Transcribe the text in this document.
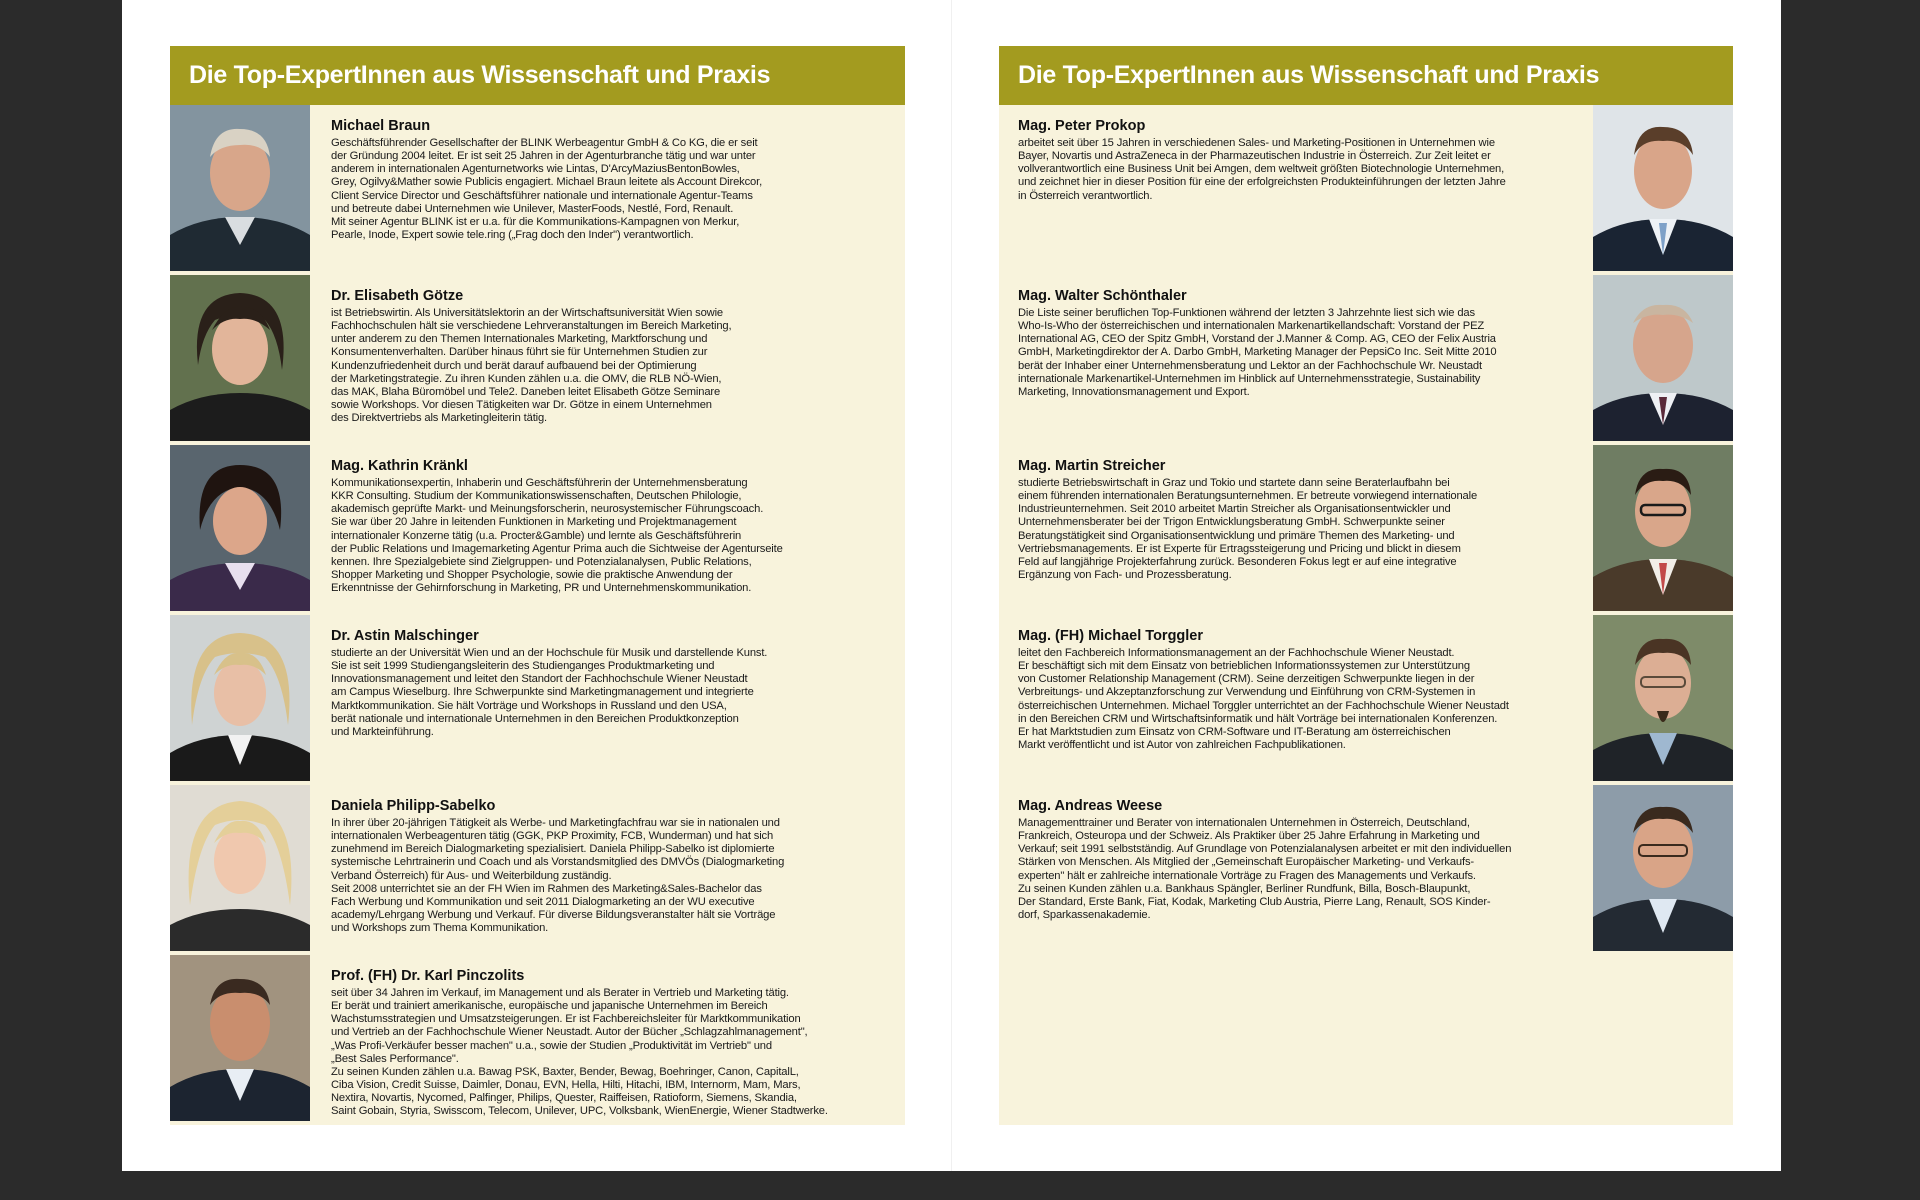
Die Top-ExpertInnen aus Wissenschaft und Praxis
Michael Braun
Geschäftsführender Gesellschafter der BLINK Werbeagentur GmbH & Co KG, die er seit
der Gründung 2004 leitet. Er ist seit 25 Jahren in der Agenturbranche tätig und war unter
anderem in internationalen Agenturnetworks wie Lintas, D'ArcyMaziusBentonBowles,
Grey, Ogilvy&Mather sowie Publicis engagiert. Michael Braun leitete als Account Direkcor,
Client Service Director und Geschäftsführer nationale und internationale Agentur-Teams
und betreute dabei Unternehmen wie Unilever, MasterFoods, Nestlé, Ford, Renault.
Mit seiner Agentur BLINK ist er u.a. für die Kommunikations-Kampagnen von Merkur,
Pearle, Inode, Expert sowie tele.ring („Frag doch den Inder") verantwortlich.
Dr. Elisabeth Götze
ist Betriebswirtin. Als Universitätslektorin an der Wirtschaftsuniversität Wien sowie
Fachhochschulen hält sie verschiedene Lehrveranstaltungen im Bereich Marketing,
unter anderem zu den Themen Internationales Marketing, Marktforschung und
Konsumentenverhalten. Darüber hinaus führt sie für Unternehmen Studien zur
Kundenzufriedenheit durch und berät darauf aufbauend bei der Optimierung
der Marketingstrategie. Zu ihren Kunden zählen u.a. die OMV, die RLB NÖ-Wien,
das MAK, Blaha Büromöbel und Tele2. Daneben leitet Elisabeth Götze Seminare
sowie Workshops. Vor diesen Tätigkeiten war Dr. Götze in einem Unternehmen
des Direktvertriebs als Marketingleiterin tätig.
Mag. Kathrin Kränkl
Kommunikationsexpertin, Inhaberin und Geschäftsführerin der Unternehmensberatung
KKR Consulting. Studium der Kommunikationswissenschaften, Deutschen Philologie,
akademisch geprüfte Markt- und Meinungsforscherin, neurosystemischer Führungscoach.
Sie war über 20 Jahre in leitenden Funktionen in Marketing und Projektmanagement
internationaler Konzerne tätig (u.a. Procter&Gamble) und lernte als Geschäftsführerin
der Public Relations und Imagemarketing Agentur Prima auch die Sichtweise der Agenturseite
kennen. Ihre Spezialgebiete sind Zielgruppen- und Potenzialanalysen, Public Relations,
Shopper Marketing und Shopper Psychologie, sowie die praktische Anwendung der
Erkenntnisse der Gehirnforschung in Marketing, PR und Unternehmenskommunikation.
Dr. Astin Malschinger
studierte an der Universität Wien und an der Hochschule für Musik und darstellende Kunst.
Sie ist seit 1999 Studiengangsleiterin des Studienganges Produktmarketing und
Innovationsmanagement und leitet den Standort der Fachhochschule Wiener Neustadt
am Campus Wieselburg. Ihre Schwerpunkte sind Marketingmanagement und integrierte
Marktkommunikation. Sie hält Vorträge und Workshops in Russland und den USA,
berät nationale und internationale Unternehmen in den Bereichen Produktkonzeption
und Markteinführung.
Daniela Philipp-Sabelko
In ihrer über 20-jährigen Tätigkeit als Werbe- und Marketingfachfrau war sie in nationalen und
internationalen Werbeagenturen tätig (GGK, PKP Proximity, FCB, Wunderman) und hat sich
zunehmend im Bereich Dialogmarketing spezialisiert. Daniela Philipp-Sabelko ist diplomierte
systemische Lehrtrainerin und Coach und als Vorstandsmitglied des DMVÖs (Dialogmarketing
Verband Österreich) für Aus- und Weiterbildung zuständig.
Seit 2008 unterrichtet sie an der FH Wien im Rahmen des Marketing&Sales-Bachelor das
Fach Werbung und Kommunikation und seit 2011 Dialogmarketing an der WU executive
academy/Lehrgang Werbung und Verkauf. Für diverse Bildungsveranstalter hält sie Vorträge
und Workshops zum Thema Kommunikation.
Prof. (FH) Dr. Karl Pinczolits
seit über 34 Jahren im Verkauf, im Management und als Berater in Vertrieb und Marketing tätig.
Er berät und trainiert amerikanische, europäische und japanische Unternehmen im Bereich
Wachstumsstrategien und Umsatzsteigerungen. Er ist Fachbereichsleiter für Marktkommunikation
und Vertrieb an der Fachhochschule Wiener Neustadt. Autor der Bücher „Schlagzahlmanagement",
„Was Profi-Verkäufer besser machen" u.a., sowie der Studien „Produktivität im Vertrieb" und
„Best Sales Performance".
Zu seinen Kunden zählen u.a. Bawag PSK, Baxter, Bender, Bewag, Boehringer, Canon, CapitalL,
Ciba Vision, Credit Suisse, Daimler, Donau, EVN, Hella, Hilti, Hitachi, IBM, Internorm, Mam, Mars,
Nextira, Novartis, Nycomed, Palfinger, Philips, Quester, Raiffeisen, Ratioform, Siemens, Skandia,
Saint Gobain, Styria, Swisscom, Telecom, Unilever, UPC, Volksbank, WienEnergie, Wiener Stadtwerke.
Die Top-ExpertInnen aus Wissenschaft und Praxis
Mag. Peter Prokop
arbeitet seit über 15 Jahren in verschiedenen Sales- und Marketing-Positionen in Unternehmen wie
Bayer, Novartis und AstraZeneca in der Pharmazeutischen Industrie in Österreich. Zur Zeit leitet er
vollverantwortlich eine Business Unit bei Amgen, dem weltweit größten Biotechnologie Unternehmen,
und zeichnet hier in dieser Position für eine der erfolgreichsten Produkteinführungen der letzten Jahre
in Österreich verantwortlich.
Mag. Walter Schönthaler
Die Liste seiner beruflichen Top-Funktionen während der letzten 3 Jahrzehnte liest sich wie das
Who-Is-Who der österreichischen und internationalen Markenartikellandschaft: Vorstand der PEZ
International AG, CEO der Spitz GmbH, Vorstand der J.Manner & Comp. AG, CEO der Felix Austria
GmbH, Marketingdirektor der A. Darbo GmbH, Marketing Manager der PepsiCo Inc. Seit Mitte 2010
berät der Inhaber einer Unternehmensberatung und Lektor an der Fachhochschule Wr. Neustadt
internationale Markenartikel-Unternehmen im Hinblick auf Unternehmensstrategie, Sustainability
Marketing, Innovationsmanagement und Export.
Mag. Martin Streicher
studierte Betriebswirtschaft in Graz und Tokio und startete dann seine Beraterlaufbahn bei
einem führenden internationalen Beratungsunternehmen. Er betreute vorwiegend internationale
Industrieunternehmen. Seit 2010 arbeitet Martin Streicher als Organisationsentwickler und
Unternehmensberater bei der Trigon Entwicklungsberatung GmbH. Schwerpunkte seiner
Beratungstätigkeit sind Organisationsentwicklung und primäre Themen des Marketing- und
Vertriebsmanagements. Er ist Experte für Ertragssteigerung und Pricing und blickt in diesem
Feld auf langjährige Projekterfahrung zurück. Besonderen Fokus legt er auf eine integrative
Ergänzung von Fach- und Prozessberatung.
Mag. (FH) Michael Torggler
leitet den Fachbereich Informationsmanagement an der Fachhochschule Wiener Neustadt.
Er beschäftigt sich mit dem Einsatz von betrieblichen Informationssystemen zur Unterstützung
von Customer Relationship Management (CRM). Seine derzeitigen Schwerpunkte liegen in der
Verbreitungs- und Akzeptanzforschung zur Verwendung und Einführung von CRM-Systemen in
österreichischen Unternehmen. Michael Torggler unterrichtet an der Fachhochschule Wiener Neustadt
in den Bereichen CRM und Wirtschaftsinformatik und hält Vorträge bei internationalen Konferenzen.
Er hat Marktstudien zum Einsatz von CRM-Software und IT-Beratung am österreichischen
Markt veröffentlicht und ist Autor von zahlreichen Fachpublikationen.
Mag. Andreas Weese
Managementtrainer und Berater von internationalen Unternehmen in Österreich, Deutschland,
Frankreich, Osteuropa und der Schweiz. Als Praktiker über 25 Jahre Erfahrung in Marketing und
Verkauf; seit 1991 selbstständig. Auf Grundlage von Potenzialanalysen arbeitet er mit den individuellen
Stärken von Menschen. Als Mitglied der „Gemeinschaft Europäischer Marketing- und Verkaufs-
experten" hält er zahlreiche internationale Vorträge zu Fragen des Managements und Verkaufs.
Zu seinen Kunden zählen u.a. Bankhaus Spängler, Berliner Rundfunk, Billa, Bosch-Blaupunkt,
Der Standard, Erste Bank, Fiat, Kodak, Marketing Club Austria, Pierre Lang, Renault, SOS Kinder-
dorf, Sparkassenakademie.
